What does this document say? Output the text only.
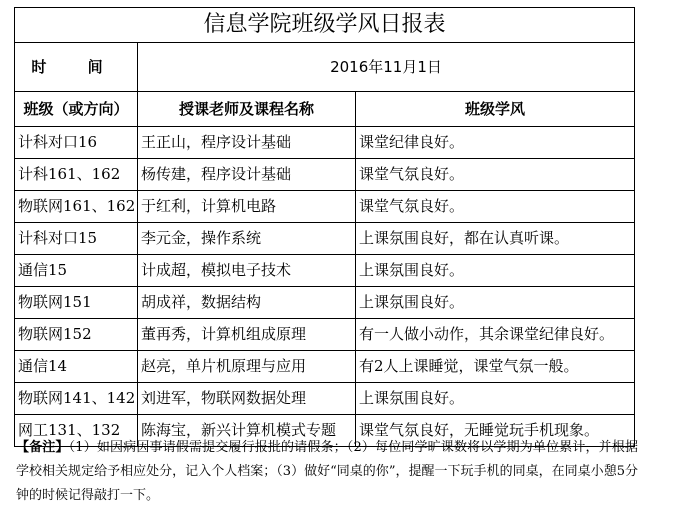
信息学院班级学风日报表		
时 间	2016年11月1日	
班级（或方向）	授课老师及课程名称	班级学风
计科对口16	王正山，程序设计基础	课堂纪律良好。
计科161、162	杨传建，程序设计基础	课堂气氛良好。
物联网161、162	于红利，计算机电路	课堂气氛良好。
计科对口15	李元金，操作系统	上课氛围良好，都在认真听课。
通信15	计成超，模拟电子技术	上课氛围良好。
物联网151	胡成祥，数据结构	上课氛围良好。
物联网152	董再秀，计算机组成原理	有一人做小动作，其余课堂纪律良好。
通信14	赵亮，单片机原理与应用	有2人上课睡觉，课堂气氛一般。
物联网141、142	刘进军，物联网数据处理	上课氛围良好。
网工131、132	陈海宝，新兴计算机模式专题	课堂气氛良好，无睡觉玩手机现象。
【备注】（1）如因病因事请假需提交履行报批的请假条；（2）每位同学旷课数将以学期为单位累计，并根据学校相关规定给予相应处分，记入个人档案；（3）做好“同桌的你”，提醒一下玩手机的同桌，在同桌小憩5分钟的时候记得敲打一下。
